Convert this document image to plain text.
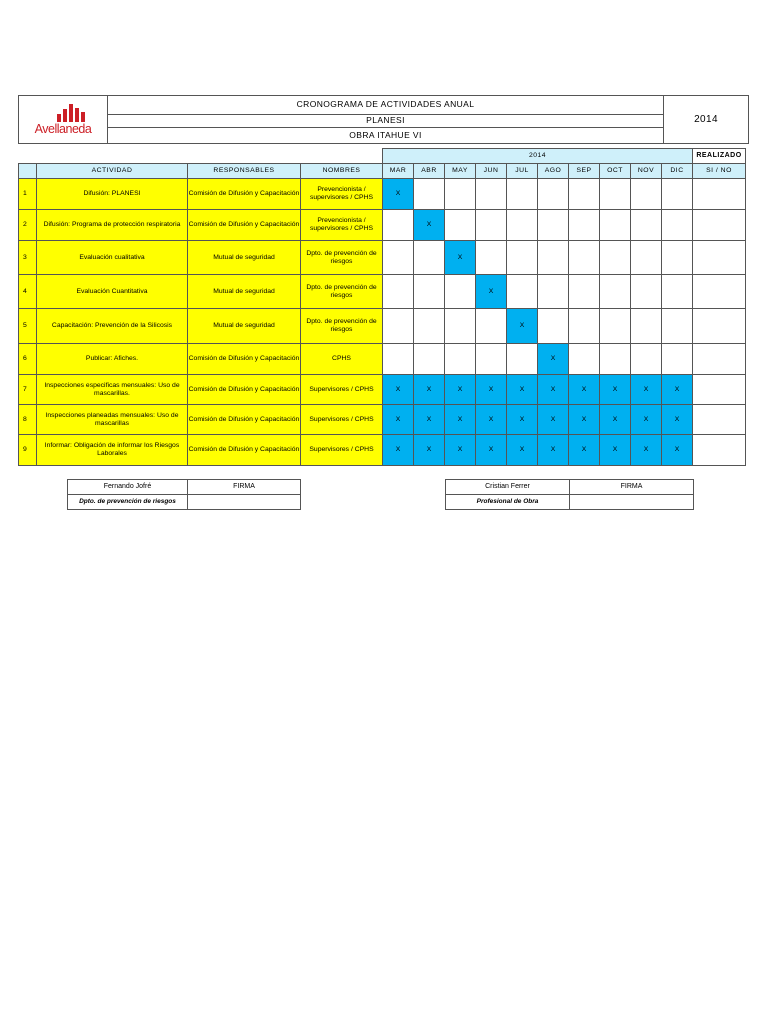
Avellaneda
	CRONOGRAMA DE ACTIVIDADES ANUAL	2014
PLANESI
OBRA ITAHUE VI
				2014										REALIZADO
	ACTIVIDAD	RESPONSABLES	NOMBRES	MAR	ABR	MAY	JUN	JUL	AGO	SEP	OCT	NOV	DIC	SI / NO
1	Difusión: PLANESI	Comisión de Difusión y Capacitación	Prevencionista / supervisores / CPHS	X										
2	Difusión: Programa de protección respiratoria	Comisión de Difusión y Capacitación	Prevencionista / supervisores / CPHS		X									
3	Evaluación cualitativa	Mutual de seguridad	Dpto. de prevención de riesgos			X								
4	Evaluación Cuantitativa	Mutual de seguridad	Dpto. de prevención de riesgos				X							
5	Capacitación: Prevención de la Silicosis	Mutual de seguridad	Dpto. de prevención de riesgos					X						
6	Publicar: Afiches.	Comisión de Difusión y Capacitación	CPHS						X					
7	Inspecciones especificas mensuales: Uso de mascarillas.	Comisión de Difusión y Capacitación	Supervisores / CPHS	X	X	X	X	X	X	X	X	X	X	
8	Inspecciones planeadas mensuales: Uso de mascarillas	Comisión de Difusión y Capacitación	Supervisores / CPHS	X	X	X	X	X	X	X	X	X	X	
9	Informar: Obligación de informar los Riesgos Laborales	Comisión de Difusión y Capacitación	Supervisores / CPHS	X	X	X	X	X	X	X	X	X	X	
Fernando Jofré	FIRMA
Dpto. de prevención de riesgos	
Cristian Ferrer	FIRMA
Profesional de Obra	
